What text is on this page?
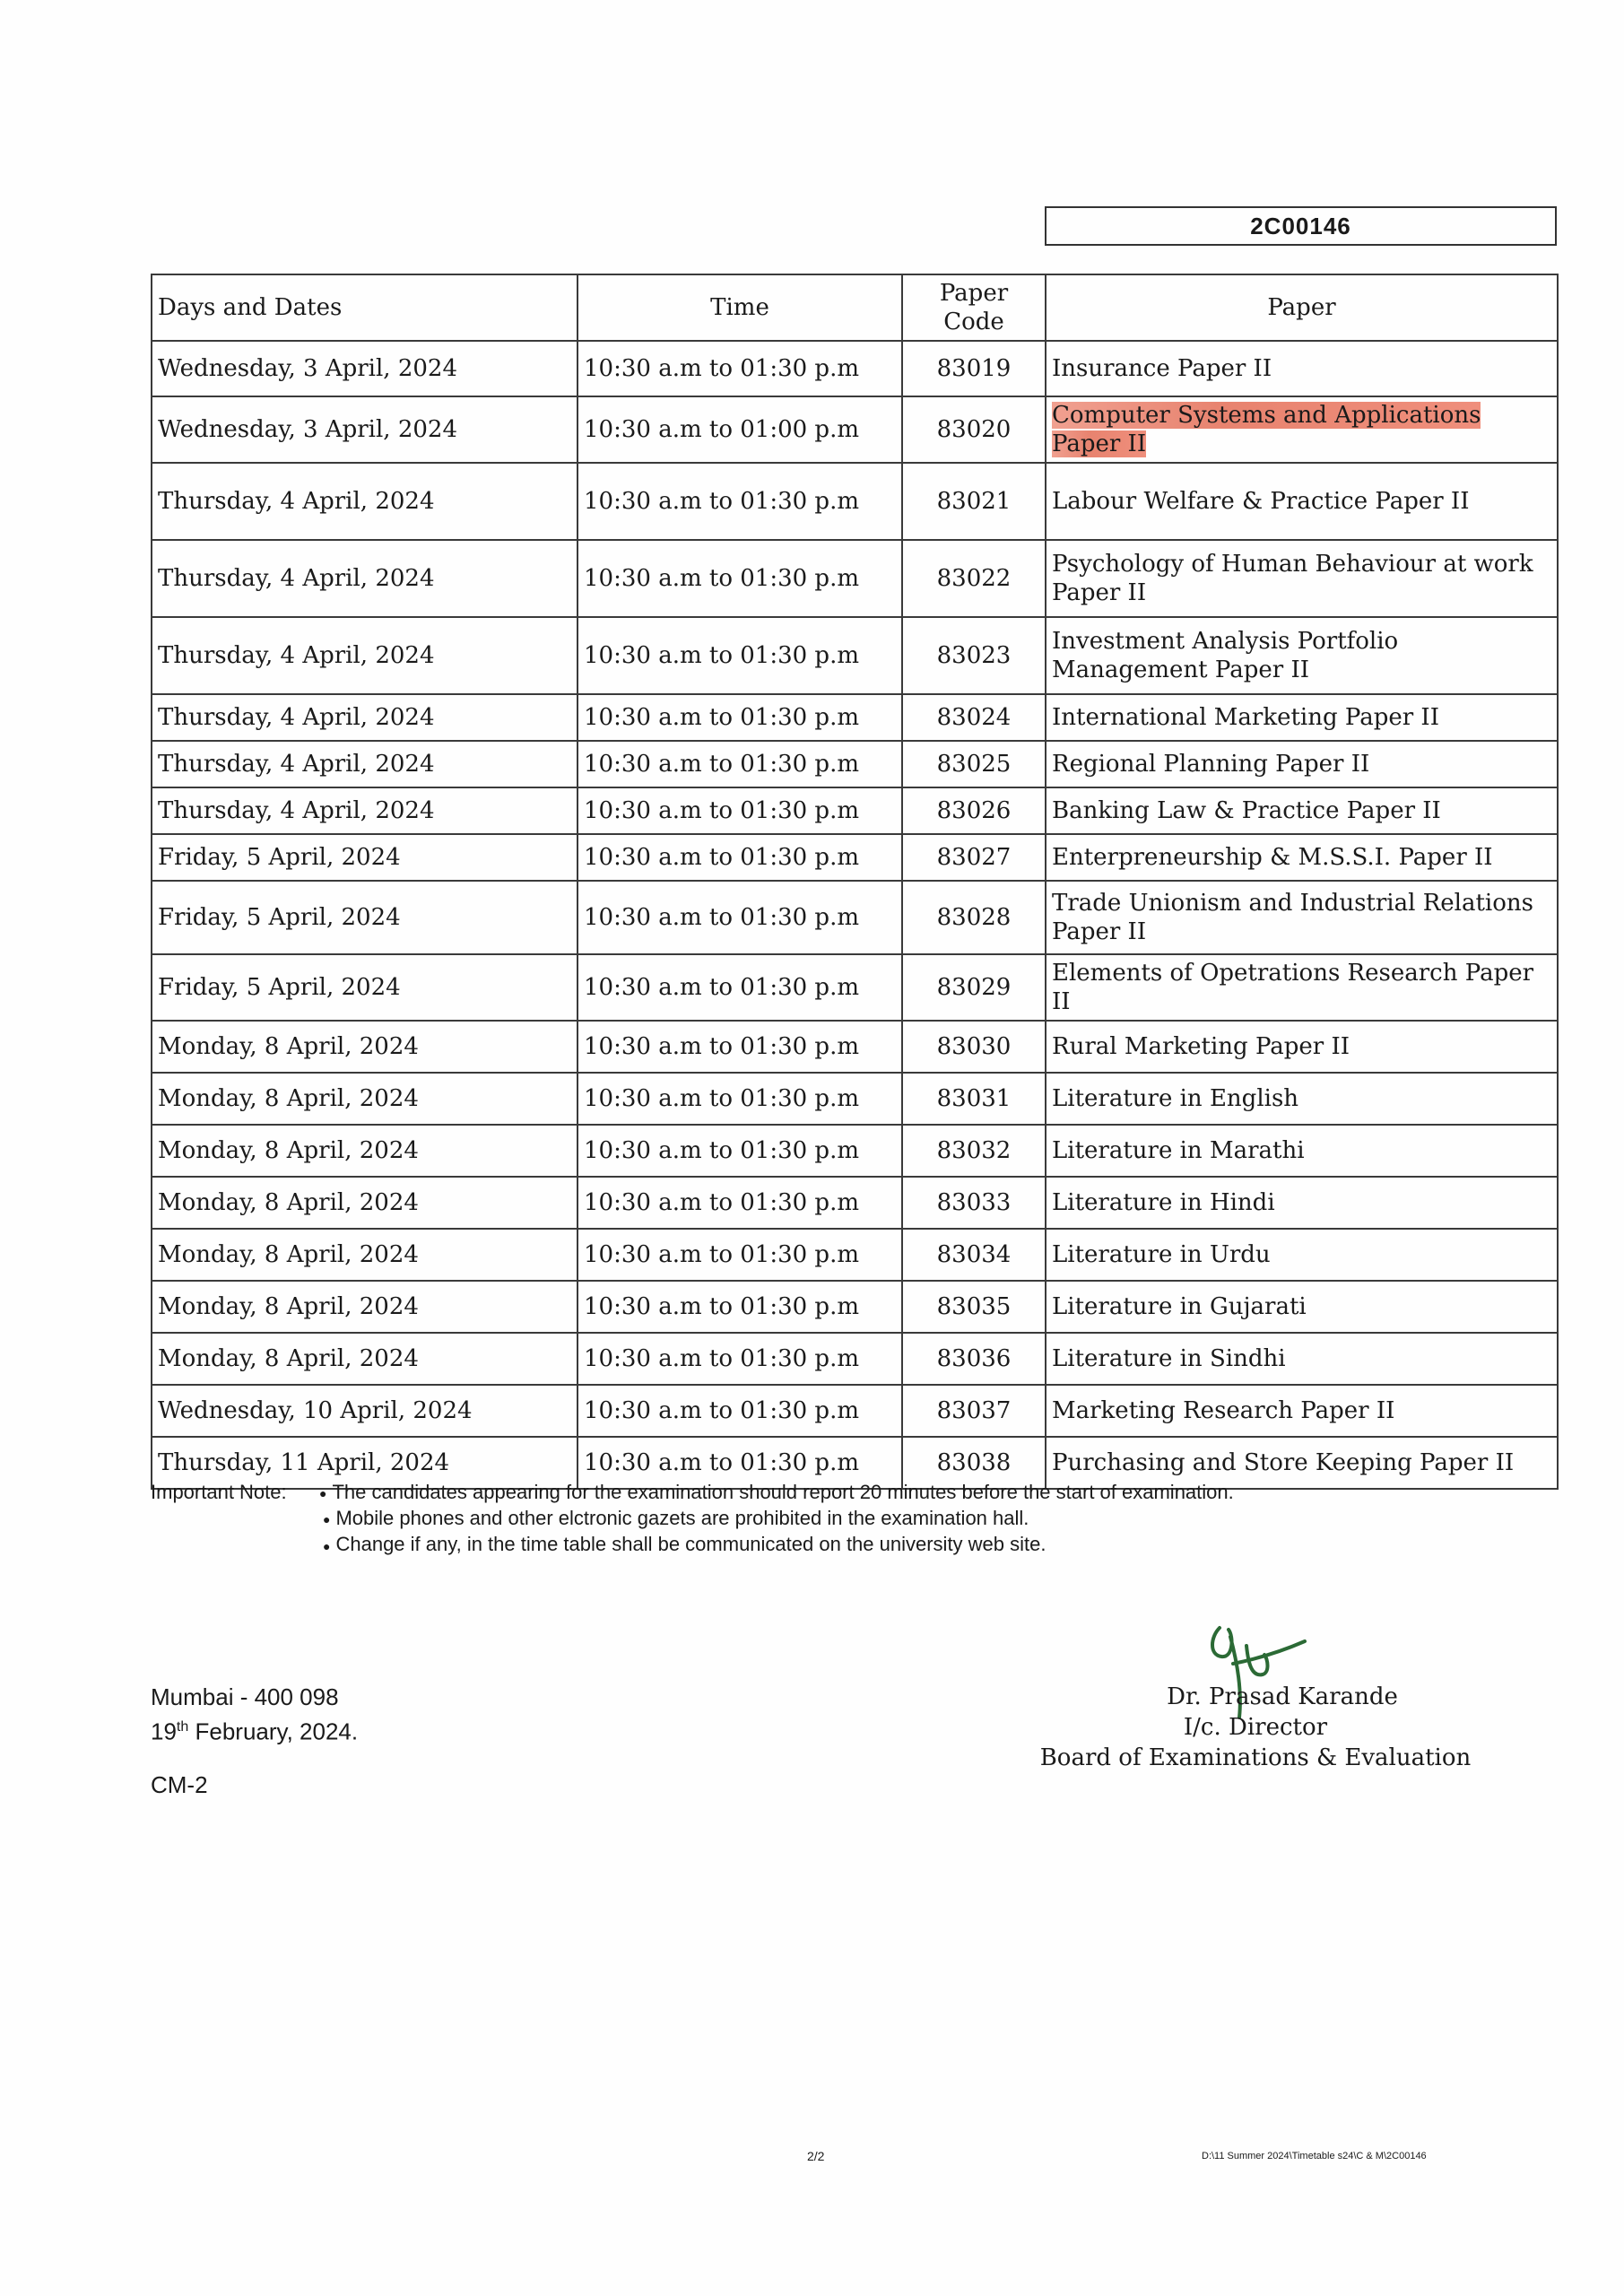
2C00146
Days and Dates	Time	Paper Code	Paper
Wednesday, 3 April, 2024	10:30 a.m to 01:30 p.m	83019	Insurance Paper II
Wednesday, 3 April, 2024	10:30 a.m to 01:00 p.m	83020	Computer Systems and Applications Paper II
Thursday, 4 April, 2024	10:30 a.m to 01:30 p.m	83021	Labour Welfare & Practice Paper II
Thursday, 4 April, 2024	10:30 a.m to 01:30 p.m	83022	Psychology of Human Behaviour at work Paper II
Thursday, 4 April, 2024	10:30 a.m to 01:30 p.m	83023	Investment Analysis Portfolio Management Paper II
Thursday, 4 April, 2024	10:30 a.m to 01:30 p.m	83024	International Marketing Paper II
Thursday, 4 April, 2024	10:30 a.m to 01:30 p.m	83025	Regional Planning Paper II
Thursday, 4 April, 2024	10:30 a.m to 01:30 p.m	83026	Banking Law & Practice Paper II
Friday, 5 April, 2024	10:30 a.m to 01:30 p.m	83027	Enterpreneurship & M.S.S.I. Paper II
Friday, 5 April, 2024	10:30 a.m to 01:30 p.m	83028	Trade Unionism and Industrial Relations Paper II
Friday, 5 April, 2024	10:30 a.m to 01:30 p.m	83029	Elements of Opetrations Research Paper II
Monday, 8 April, 2024	10:30 a.m to 01:30 p.m	83030	Rural Marketing Paper II
Monday, 8 April, 2024	10:30 a.m to 01:30 p.m	83031	Literature in English
Monday, 8 April, 2024	10:30 a.m to 01:30 p.m	83032	Literature in Marathi
Monday, 8 April, 2024	10:30 a.m to 01:30 p.m	83033	Literature in Hindi
Monday, 8 April, 2024	10:30 a.m to 01:30 p.m	83034	Literature in Urdu
Monday, 8 April, 2024	10:30 a.m to 01:30 p.m	83035	Literature in Gujarati
Monday, 8 April, 2024	10:30 a.m to 01:30 p.m	83036	Literature in Sindhi
Wednesday, 10 April, 2024	10:30 a.m to 01:30 p.m	83037	Marketing Research Paper II
Thursday, 11 April, 2024	10:30 a.m to 01:30 p.m	83038	Purchasing and Store Keeping Paper II
Important Note:	● The candidates appearing for the examination should report 20 minutes before the start of examination.
● Mobile phones and other elctronic gazets are prohibited in the examination hall.
● Change if any, in the time table shall be communicated on the university web site.
Mumbai - 400 098
19th February, 2024.
CM-2
Dr. Prasad Karande
I/c. Director
Board of Examinations & Evaluation
2/2	D:\11 Summer 2024\Timetable s24\C & M\2C00146
